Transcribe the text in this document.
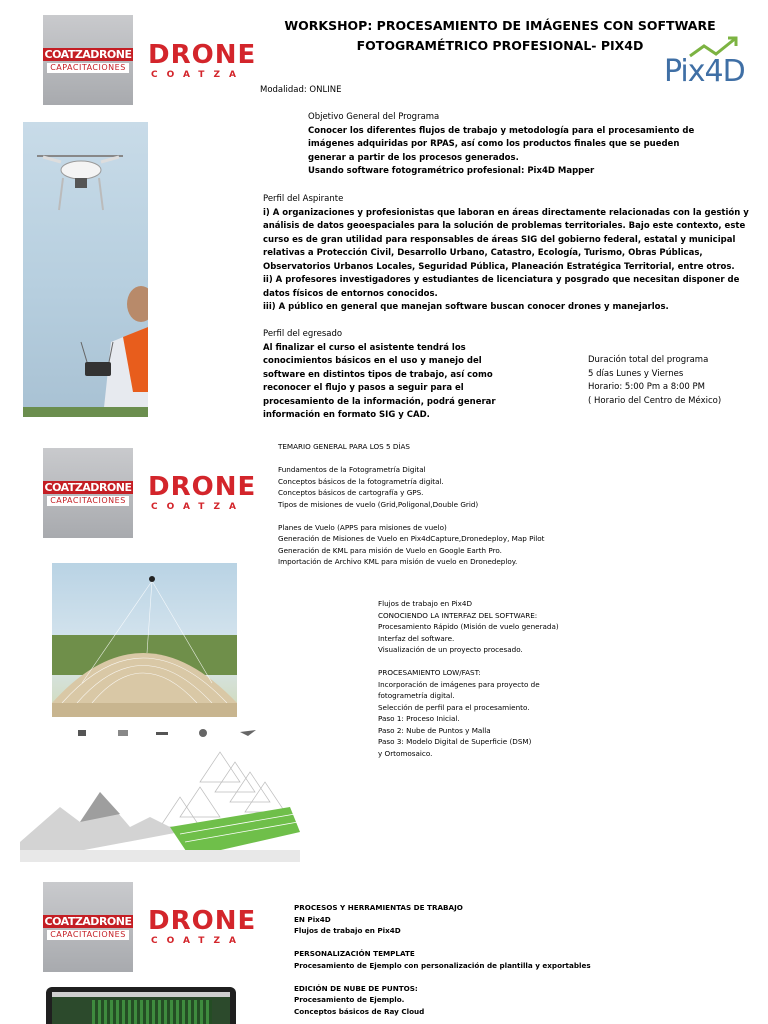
WORKSHOP: PROCESAMIENTO DE IMÁGENES CON SOFTWARE
FOTOGRAMÉTRICO PROFESIONAL- PIX4D
Modalidad: ONLINE
Pix4D
COATZADRONE
CAPACITACIONES DRONE
COATZA
Objetivo General del Programa
Conocer los diferentes flujos de trabajo y metodología para el procesamiento de
imágenes adquiridas por RPAS, así como los productos finales que se pueden
generar a partir de los procesos generados.
Usando software fotogramétrico profesional: Pix4D Mapper
Perfil del Aspirante
i) A organizaciones y profesionistas que laboran en áreas directamente relacionadas con la gestión y
análisis de datos geoespaciales para la solución de problemas territoriales. Bajo este contexto, este
curso es de gran utilidad para responsables de áreas SIG del gobierno federal, estatal y municipal
relativas a Protección Civil, Desarrollo Urbano, Catastro, Ecología, Turismo, Obras Públicas,
Observatorios Urbanos Locales, Seguridad Pública, Planeación Estratégica Territorial, entre otros.
ii) A profesores investigadores y estudiantes de licenciatura y posgrado que necesitan disponer de
datos físicos de entornos conocidos.
iii) A público en general que manejan software buscan conocer drones y manejarlos.
Perfil del egresado
Al finalizar el curso el asistente tendrá los
conocimientos básicos en el uso y manejo del
software en distintos tipos de trabajo, así como
reconocer el flujo y pasos a seguir para el
procesamiento de la información, podrá generar
información en formato SIG y CAD.
Duración total del programa
5 días Lunes y Viernes
Horario: 5:00 Pm a 8:00 PM
( Horario del Centro de México)
COATZADRONE
CAPACITACIONES DRONE
COATZA
TEMARIO GENERAL PARA LOS 5 DÍAS
Fundamentos de la Fotogrametría Digital
Conceptos básicos de la fotogrametría digital.
Conceptos básicos de cartografía y GPS.
Tipos de misiones de vuelo (Grid,Poligonal,Double Grid)
Planes de Vuelo (APPS para misiones de vuelo)
Generación de Misiones de Vuelo en Pix4dCapture,Dronedeploy, Map Pilot
Generación de KML para misión de Vuelo en Google Earth Pro.
Importación de Archivo KML para misión de vuelo en Dronedeploy.
Flujos de trabajo en Pix4D
CONOCIENDO LA INTERFAZ DEL SOFTWARE:
Procesamiento Rápido (Misión de vuelo generada)
Interfaz del software.
Visualización de un proyecto procesado.
PROCESAMIENTO LOW/FAST:
Incorporación de imágenes para proyecto de
fotogrametría digital.
Selección de perfil para el procesamiento.
Paso 1: Proceso Inicial.
Paso 2: Nube de Puntos y Malla
Paso 3: Modelo Digital de Superficie (DSM)
y Ortomosaico.
COATZADRONE
CAPACITACIONES DRONE
COATZA
PROCESOS Y HERRAMIENTAS DE TRABAJO
EN Pix4D
Flujos de trabajo en Pix4D
PERSONALIZACIÓN TEMPLATE
Procesamiento de Ejemplo con personalización de plantilla y exportables
EDICIÓN DE NUBE DE PUNTOS:
Procesamiento de Ejemplo.
Conceptos básicos de Ray Cloud
